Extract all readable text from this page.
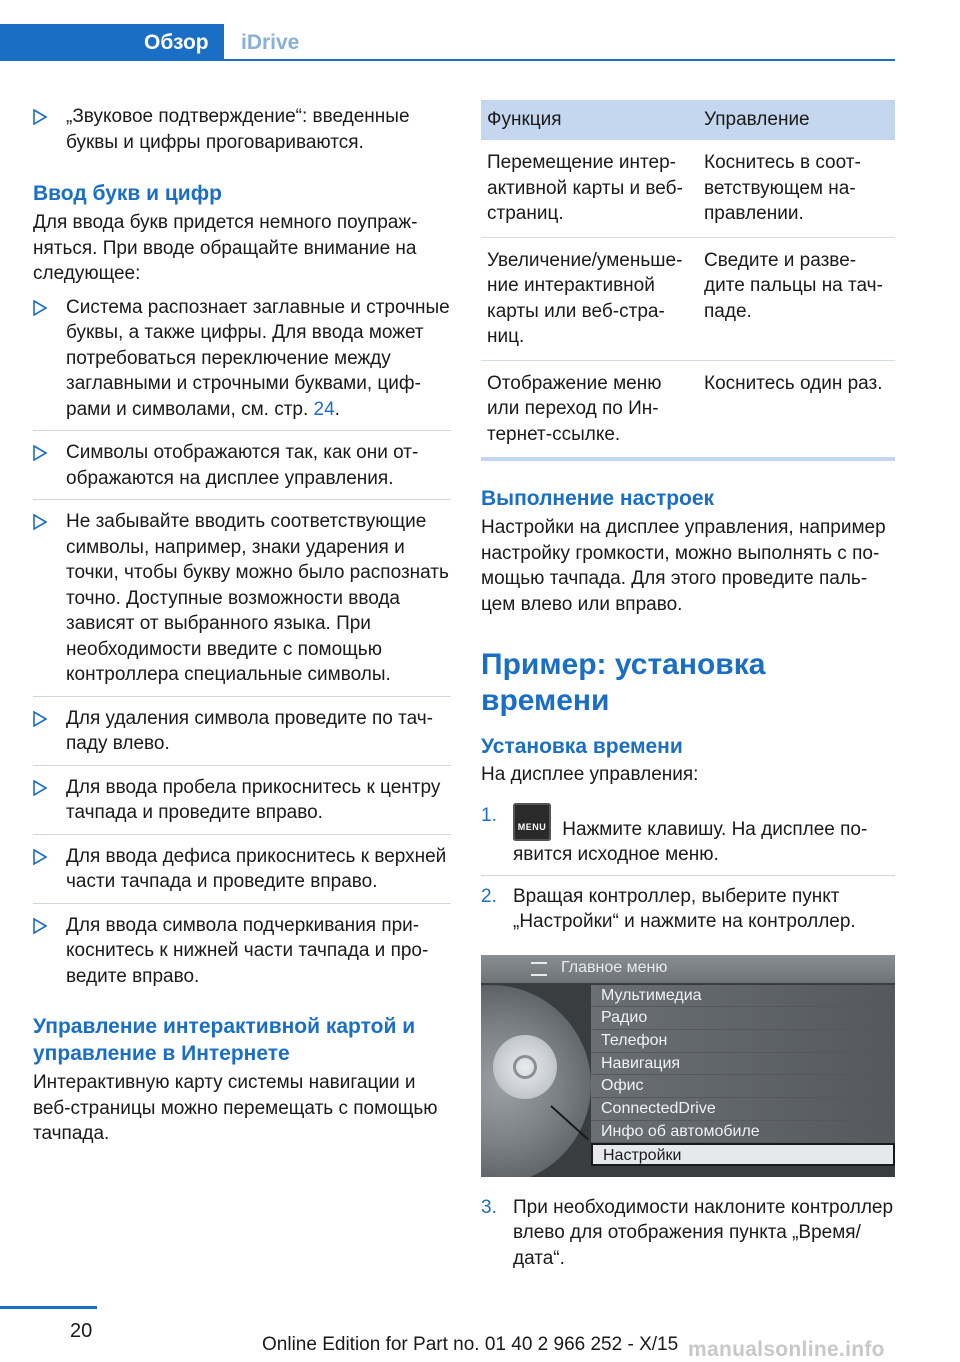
Обзор	iDrive
„Звуковое подтверждение“: введенные буквы и цифры проговариваются.
Ввод букв и цифр
Для ввода букв придется немного поупражняться. При вводе обращайте внимание на следующее:
Система распознает заглавные и строчные буквы, а также цифры. Для ввода может потребоваться переключение между заглавными и строчными буквами, цифрами и символами, см. стр. 24.
Символы отображаются так, как они отображаются на дисплее управления.
Не забывайте вводить соответствующие символы, например, знаки ударения и точки, чтобы букву можно было распознать точно. Доступные возможности ввода зависят от выбранного языка. При необходимости введите с помощью контроллера специальные символы.
Для удаления символа проведите по тачпаду влево.
Для ввода пробела прикоснитесь к центру тачпада и проведите вправо.
Для ввода дефиса прикоснитесь к верхней части тачпада и проведите вправо.
Для ввода символа подчеркивания прикоснитесь к нижней части тачпада и проведите вправо.
Управление интерактивной картой и управление в Интернете
Интерактивную карту системы навигации и веб-страницы можно перемещать с помощью тачпада.
Функция	Управление
Перемещение интерактивной карты и веб-страниц.	Коснитесь в соответствующем направлении.
Увеличение/уменьшение интерактивной карты или веб-страниц.	Сведите и разведите пальцы на тачпаде.
Отображение меню или переход по Интернет-ссылке.	Коснитесь один раз.
Выполнение настроек
Настройки на дисплее управления, например настройку громкости, можно выполнять с помощью тачпада. Для этого проведите пальцем влево или вправо.
Пример: установка времени
Установка времени
На дисплее управления:
1.
MENU Нажмите клавишу. На дисплее появится исходное меню.
2. Вращая контроллер, выберите пункт „Настройки“ и нажмите на контроллер.
Главное меню
Мультимедиа
Радио
Телефон
Навигация
Офис
ConnectedDrive
Инфо об автомобиле
Настройки
3. При необходимости наклоните контроллер влево для отображения пункта „Время/дата“.
20
Online Edition for Part no. 01 40 2 966 252 - X/15 manualsonline.info
